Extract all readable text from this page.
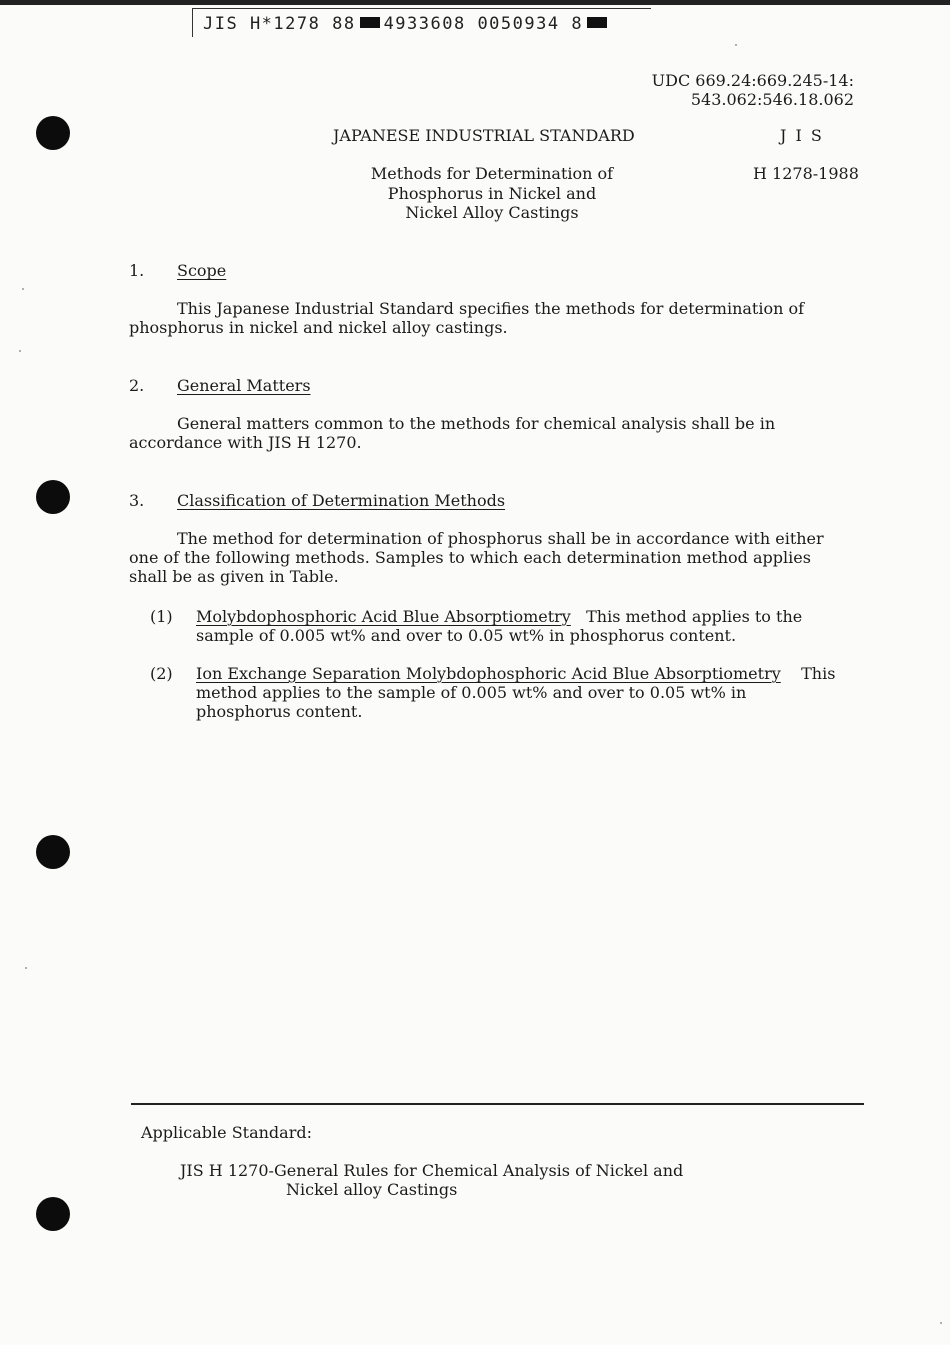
JIS H*1278 88 4933608 0050934 8
UDC 669.24:669.245-14:
543.062:546.18.062
JAPANESE INDUSTRIAL STANDARD	J I S
Methods for Determination of
Phosphorus in Nickel and
Nickel Alloy Castings
H 1278-1988
1. Scope
This Japanese Industrial Standard specifies the methods for determination of
phosphorus in nickel and nickel alloy castings.
2. General Matters
General matters common to the methods for chemical analysis shall be in
accordance with JIS H 1270.
3. Classification of Determination Methods
The method for determination of phosphorus shall be in accordance with either
one of the following methods. Samples to which each determination method applies
shall be as given in Table.
(1) Molybdophosphoric Acid Blue Absorptiometry This method applies to the
sample of 0.005 wt% and over to 0.05 wt% in phosphorus content.
(2) Ion Exchange Separation Molybdophosphoric Acid Blue Absorptiometry This
method applies to the sample of 0.005 wt% and over to 0.05 wt% in
phosphorus content.
Applicable Standard:
JIS H 1270-General Rules for Chemical Analysis of Nickel and
Nickel alloy Castings
